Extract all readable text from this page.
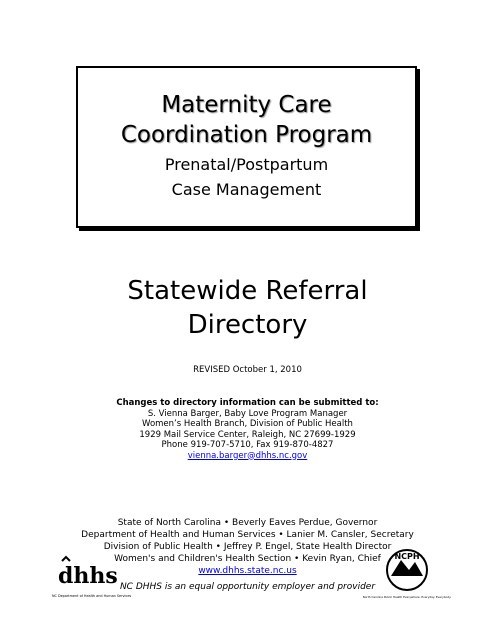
Maternity Care
Coordination Program
Prenatal/Postpartum
Case Management
Statewide Referral
Directory
REVISED October 1, 2010
Changes to directory information can be submitted to:
S. Vienna Barger, Baby Love Program Manager
Women’s Health Branch, Division of Public Health
1929 Mail Service Center, Raleigh, NC 27699-1929
Phone 919-707-5710, Fax 919-870-4827
vienna.barger@dhhs.nc.gov
State of North Carolina • Beverly Eaves Perdue, Governor
Department of Health and Human Services • Lanier M. Cansler, Secretary
Division of Public Health • Jeffrey P. Engel, State Health Director
Women's and Children's Health Section • Kevin Ryan, Chief
www.dhhs.state.nc.us
NC DHHS is an equal opportunity employer and provider
dhhs
NC Department of Health and Human Services
NCPH
North Carolina Public Health Everywhere. Everyday. Everybody.
